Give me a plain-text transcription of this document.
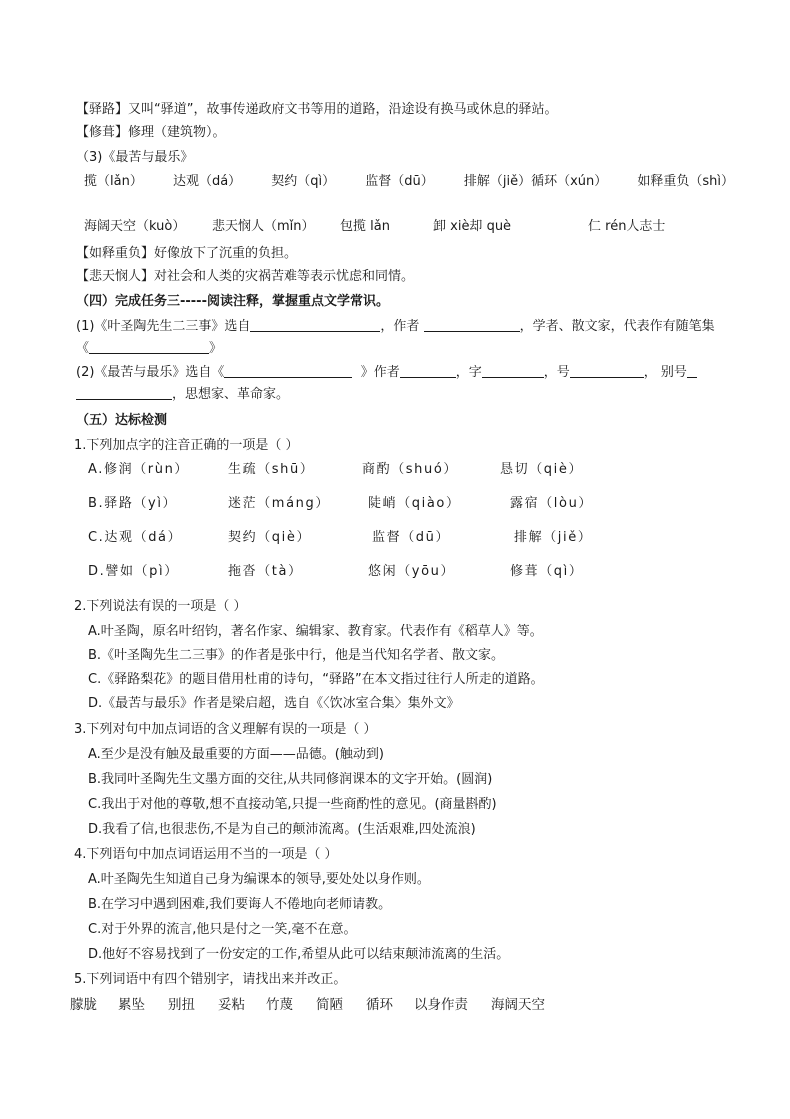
【驿路】又叫“驿道”，故事传递政府文书等用的道路，沿途设有换马或休息的驿站。
【修葺】修理（建筑物）。
（3)《最苦与最乐》
揽（lǎn） 达观（dá） 契约（qì） 监督（dū） 排解（jiě）循环（xún） 如释重负（shì）
海阔天空（kuò）	悲天悯人（mǐn）	包揽 lǎn	卸 xiè却 què	仁 rén人志士
【如释重负】好像放下了沉重的负担。
【悲天悯人】对社会和人类的灾祸苦难等表示忧虑和同情。
（四）完成任务三-----阅读注释，掌握重点文学常识。
(1)《叶圣陶先生二三事》选自	，作者	，学者、散文家，代表作有随笔集
《	》
(2)《最苦与最乐》选自《	》作者	，字	，号	， 别号
，思想家、革命家。
（五）达标检测
1.下列加点字的注音正确的一项是（ ）
A.修润（rùn）	生疏（shū）	商酌（shuó）	恳切（qiè）
B.驿路（yì）	迷茫（máng）	陡峭（qiào）	露宿（lòu）
C.达观（dá）	契约（qiè）	监督（dū）	排解（jiě）
D.譬如（pì）	拖沓（tà）	悠闲（yōu）	修葺（qì）
2.下列说法有误的一项是（ ）
A.叶圣陶，原名叶绍钧，著名作家、编辑家、教育家。代表作有《稻草人》等。
B.《叶圣陶先生二三事》的作者是张中行，他是当代知名学者、散文家。
C.《驿路梨花》的题目借用杜甫的诗句，“驿路”在本文指过往行人所走的道路。
D.《最苦与最乐》作者是梁启超，选自《〈饮冰室合集〉集外文》
3.下列对句中加点词语的含义理解有误的一项是（ ）
A.至少是没有触及最重要的方面——品德。(触动到)
B.我同叶圣陶先生文墨方面的交往,从共同修润课本的文字开始。(圆润)
C.我出于对他的尊敬,想不直接动笔,只提一些商酌性的意见。(商量斟酌)
D.我看了信,也很悲伤,不是为自己的颠沛流离。(生活艰难,四处流浪)
4.下列语句中加点词语运用不当的一项是（ ）
A.叶圣陶先生知道自己身为编课本的领导,要处处以身作则。
B.在学习中遇到困难,我们要诲人不倦地向老师请教。
C.对于外界的流言,他只是付之一笑,毫不在意。
D.他好不容易找到了一份安定的工作,希望从此可以结束颠沛流离的生活。
5.下列词语中有四个错别字，请找出来并改正。
朦胧	累坠	别扭	妥粘	竹蔑	简陋	循环	以身作责	海阔天空
